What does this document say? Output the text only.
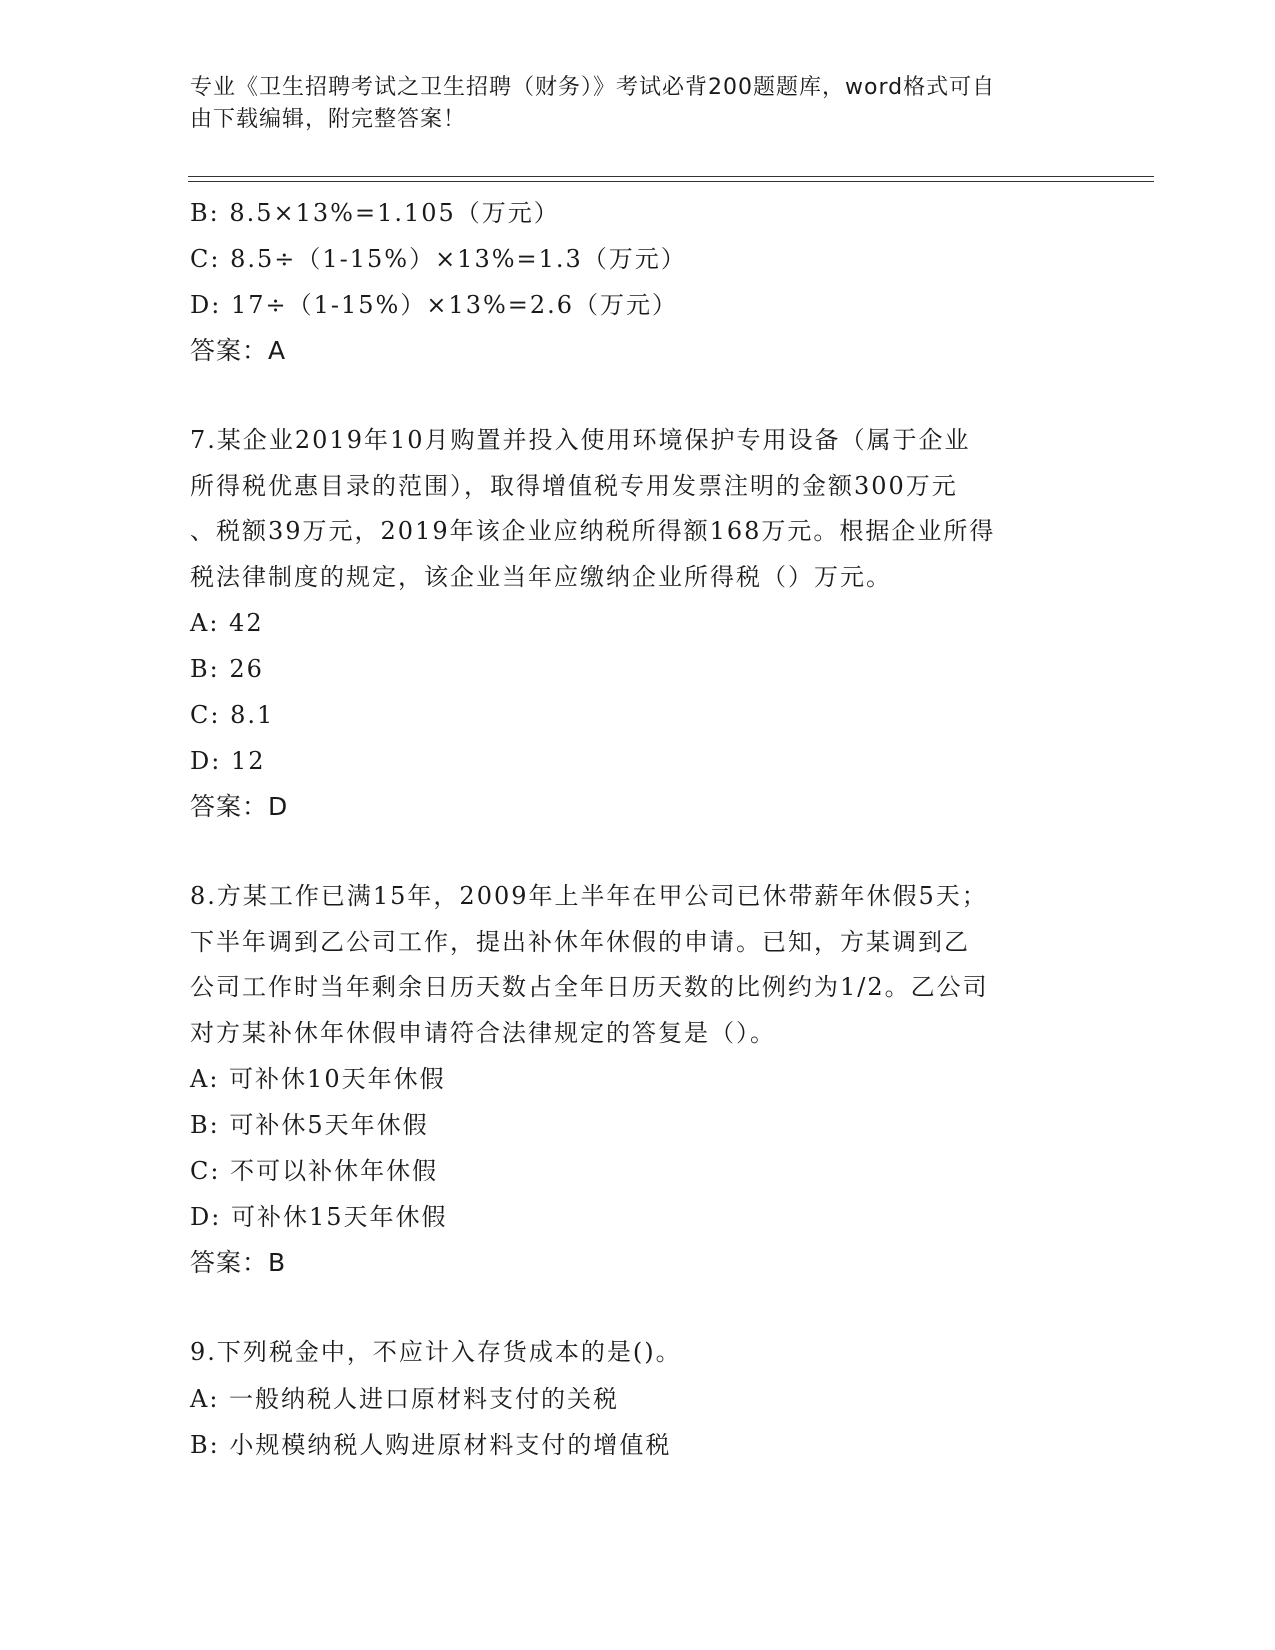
专业《卫生招聘考试之卫生招聘（财务）》考试必背200题题库，word格式可自
由下载编辑，附完整答案！
B: 8.5×13%=1.105（万元）
C: 8.5÷（1-15%）×13%=1.3（万元）
D: 17÷（1-15%）×13%=2.6（万元）
答案：A
7.某企业2019年10月购置并投入使用环境保护专用设备（属于企业
所得税优惠目录的范围），取得增值税专用发票注明的金额300万元
、税额39万元，2019年该企业应纳税所得额168万元。根据企业所得
税法律制度的规定，该企业当年应缴纳企业所得税（）万元。
A: 42
B: 26
C: 8.1
D: 12
答案：D
8.方某工作已满15年，2009年上半年在甲公司已休带薪年休假5天；
下半年调到乙公司工作，提出补休年休假的申请。已知，方某调到乙
公司工作时当年剩余日历天数占全年日历天数的比例约为1/2。乙公司
对方某补休年休假申请符合法律规定的答复是（）。
A: 可补休10天年休假
B: 可补休5天年休假
C: 不可以补休年休假
D: 可补休15天年休假
答案：B
9.下列税金中，不应计入存货成本的是()。
A: 一般纳税人进口原材料支付的关税
B: 小规模纳税人购进原材料支付的增值税
